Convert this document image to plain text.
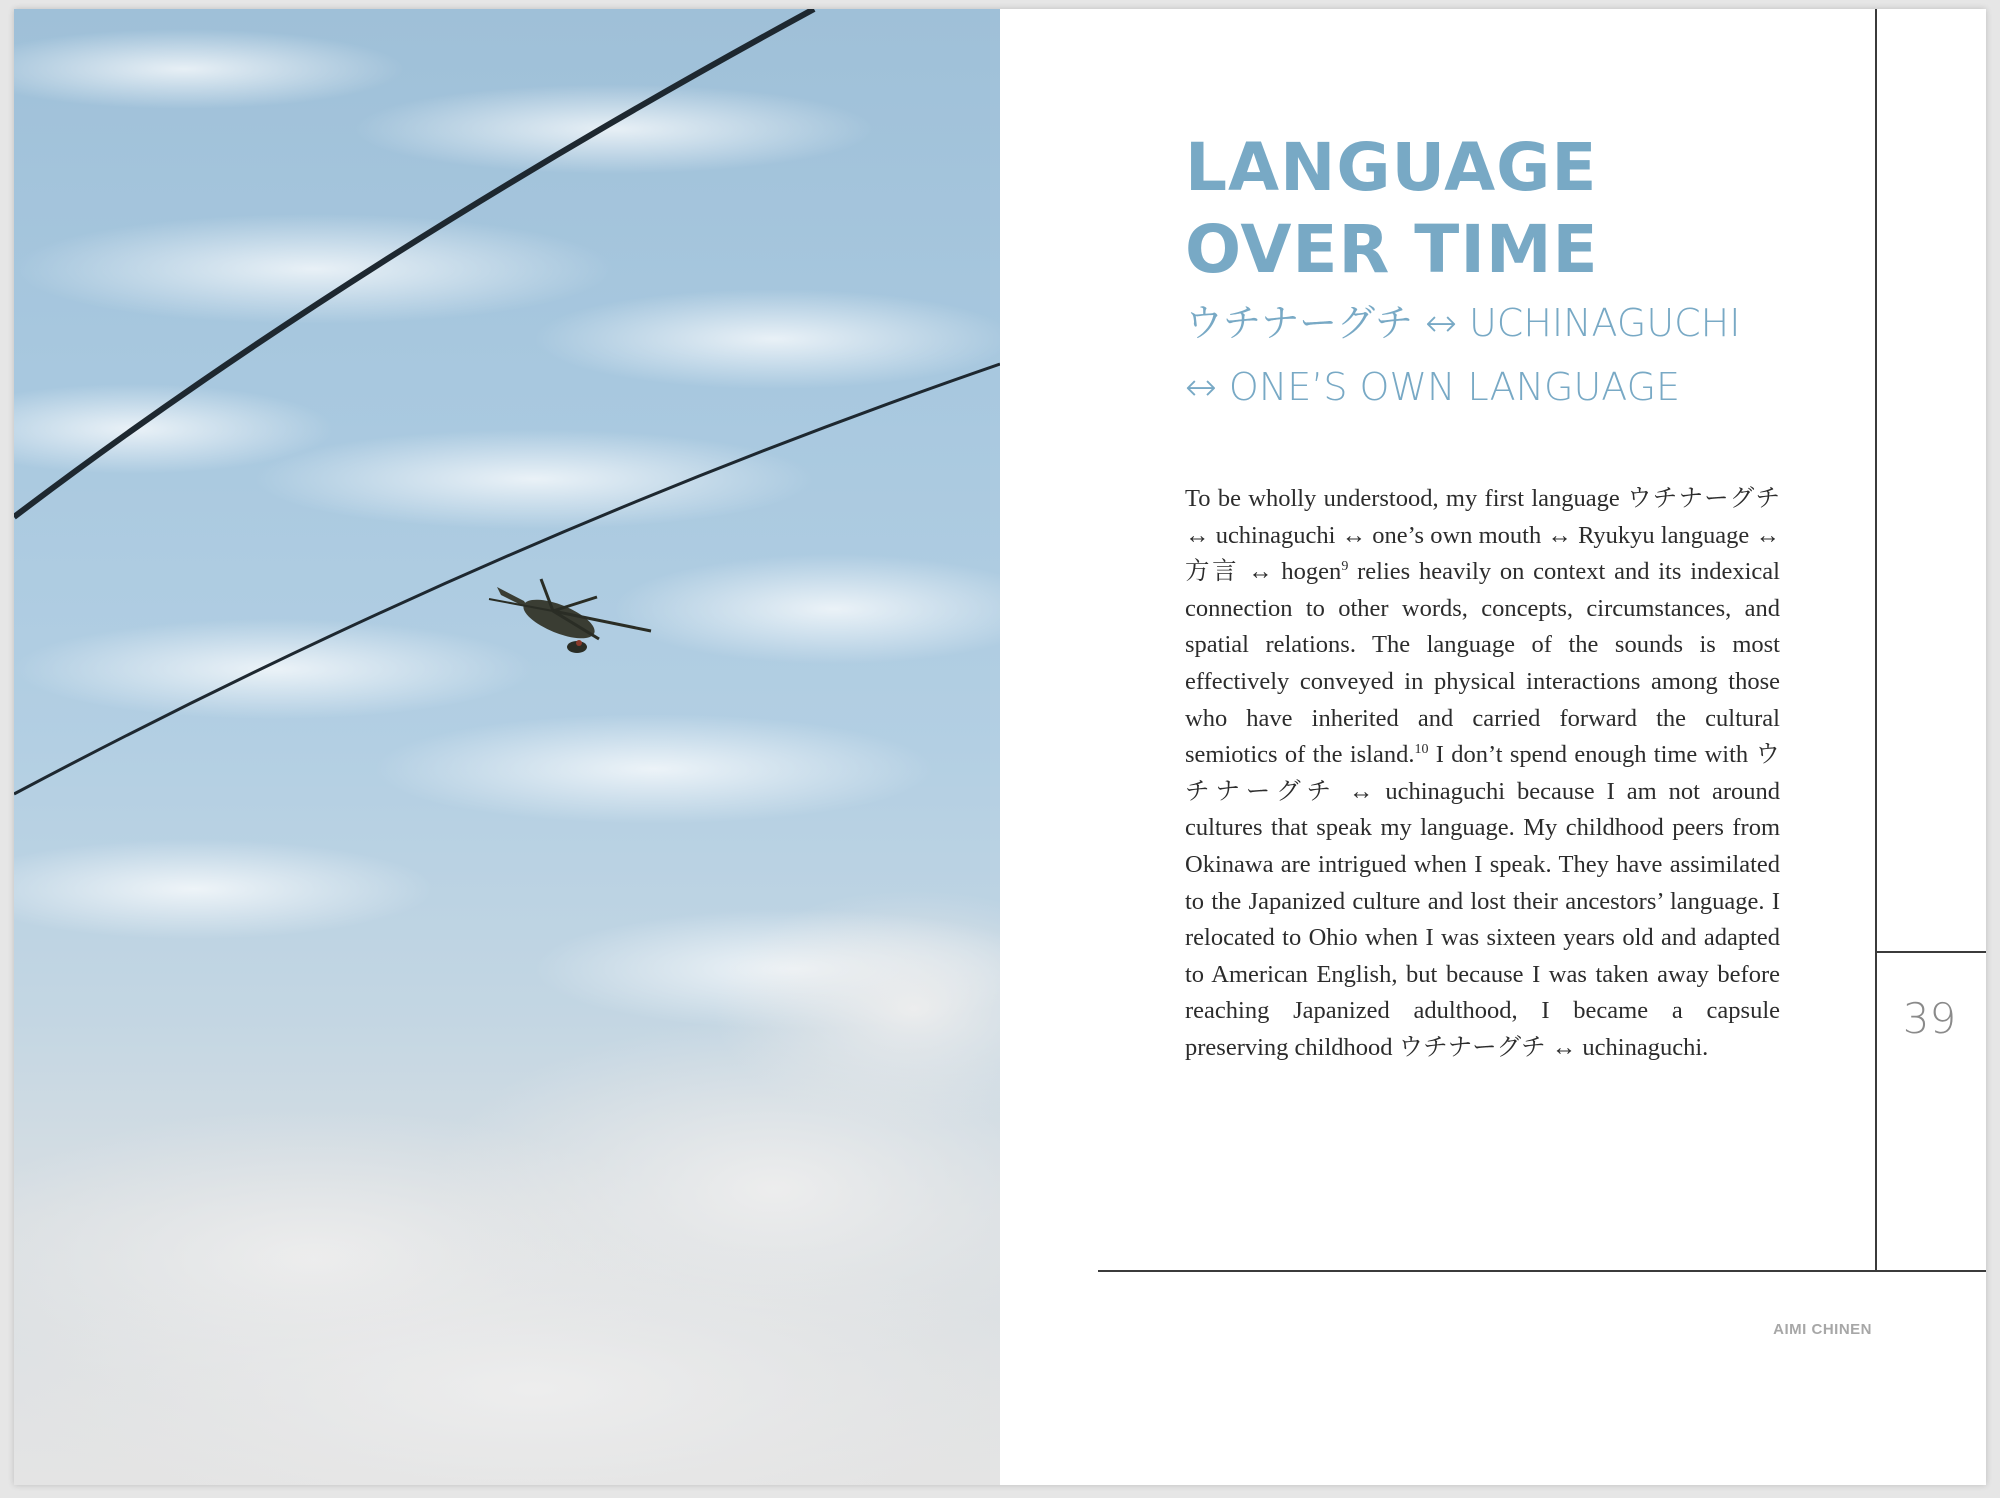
LANGUAGE
OVER TIME
ウチナーグチ ↔ UCHINAGUCHI
↔ ONE’S OWN LANGUAGE

To be wholly understood, my first language ウチナーグチ ↔ uchinaguchi ↔ one’s own mouth ↔ Ryukyu language ↔ 方言 ↔ hogen$^9$ relies heavily on context and its indexical connection to other words, concepts, circumstances, and spatial relations. The language of the sounds is most effectively conveyed in physical interactions among those who have inherited and carried forward the cultural semiotics of the island.$^{10}$ I don’t spend enough time with ウチナーグチ ↔ uchinaguchi because I am not around cultures that speak my language. My childhood peers from Okinawa are intrigued when I speak. They have assimilated to the Japanized culture and lost their ancestors’ language. I relocated to Ohio when I was sixteen years old and adapted to American English, but because I was taken away before reaching Japanized adulthood, I became a capsule preserving childhood ウチナーグチ ↔ uchinaguchi.

39
AIMI CHINEN
